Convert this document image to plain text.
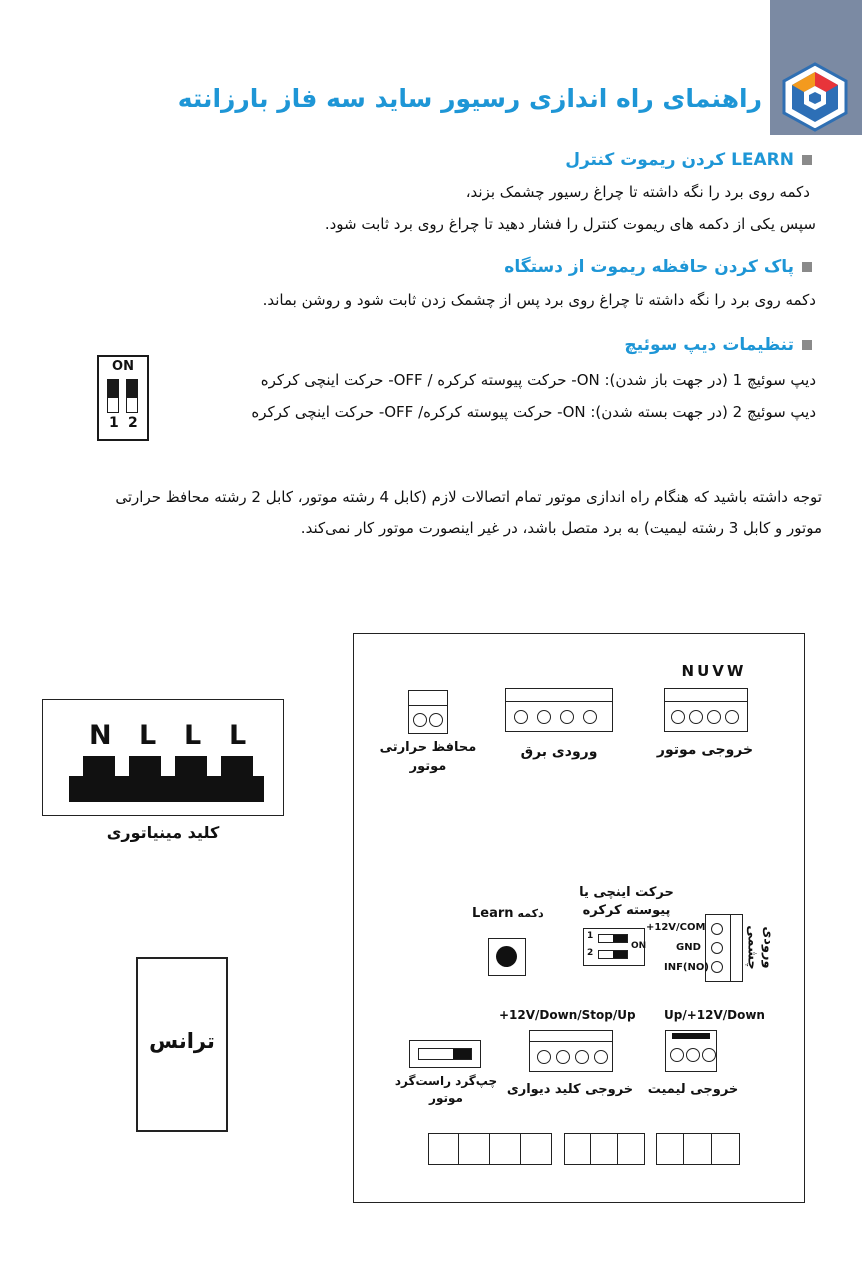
راهنمای راه اندازی رسیور ساید سه فاز بارزانته
LEARN کردن ریموت کنترل
دکمه روی برد را نگه داشته تا چراغ رسیور چشمک بزند،
سپس یکی از دکمه های ریموت کنترل را فشار دهید تا چراغ روی برد ثابت شود.
پاک کردن حافظه ریموت از دستگاه
دکمه روی برد را نگه داشته تا چراغ روی برد پس از چشمک زدن ثابت شود و روشن بماند.
تنظیمات دیپ سوئیچ
دیپ سوئیچ 1 (در جهت باز شدن): ON- حرکت پیوسته کرکره / OFF- حرکت اینچی کرکره
دیپ سوئیچ 2 (در جهت بسته شدن): ON- حرکت پیوسته کرکره/ OFF- حرکت اینچی کرکره
ON
1 2
توجه داشته باشید که هنگام راه اندازی موتور تمام اتصالات لازم (کابل 4 رشته موتور، کابل 2 رشته محافظ حرارتی موتور و کابل 3 رشته لیمیت) به برد متصل باشد، در غیر اینصورت موتور کار نمی‌کند.
N L L L
کلید مینیاتوری
ترانس
NUVW
خروجی موتور
ورودی برق
محافظ حرارتی
موتور
حرکت اینچی یا
پیوسته کرکره
1
2
ON
Learn دکمه
+12V/COM
GND
INF(NO)	ورودی
چشمی
+12V/Down/Stop/Up
خروجی کلید دیواری
Up/+12V/Down
خروجی لیمیت
چپ‌گرد راست‌گرد
موتور
